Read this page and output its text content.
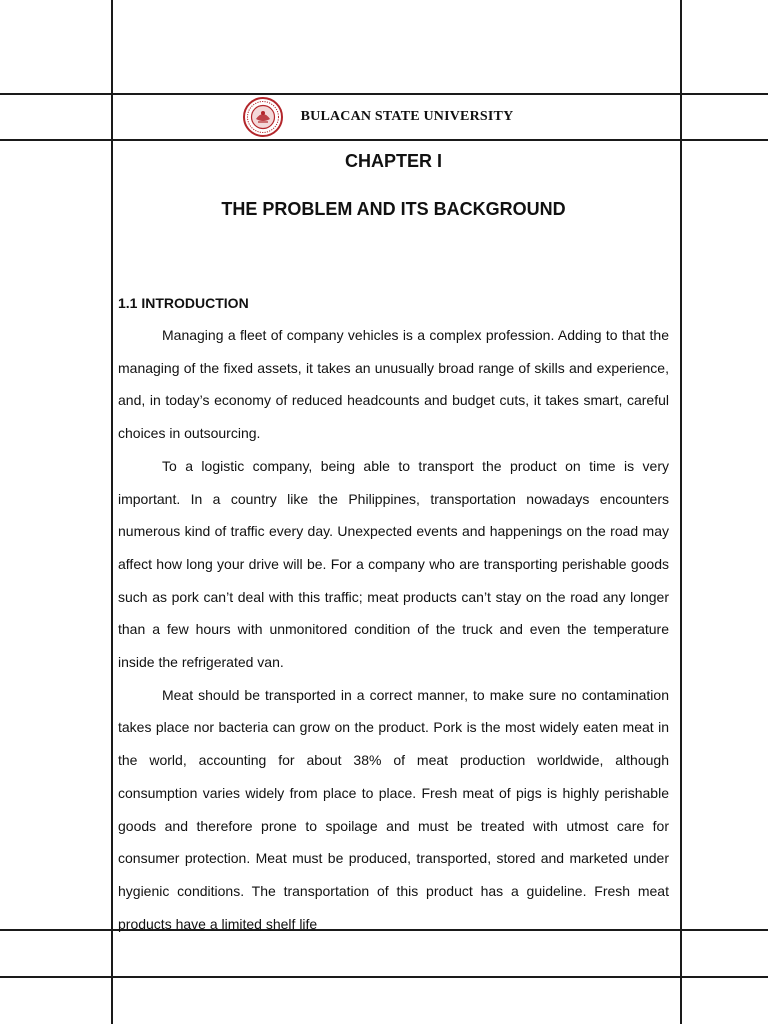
BULACAN STATE UNIVERSITY
CHAPTER I
THE PROBLEM AND ITS BACKGROUND
1.1 INTRODUCTION

Managing a fleet of company vehicles is a complex profession. Adding to that the managing of the fixed assets, it takes an unusually broad range of skills and experience, and, in today’s economy of reduced headcounts and budget cuts, it takes smart, careful choices in outsourcing.

To a logistic company, being able to transport the product on time is very important. In a country like the Philippines, transportation nowadays encounters numerous kind of traffic every day. Unexpected events and happenings on the road may affect how long your drive will be. For a company who are transporting perishable goods such as pork can’t deal with this traffic; meat products can’t stay on the road any longer than a few hours with unmonitored condition of the truck and even the temperature inside the refrigerated van.

Meat should be transported in a correct manner, to make sure no contamination takes place nor bacteria can grow on the product. Pork is the most widely eaten meat in the world, accounting for about 38% of meat production worldwide, although consumption varies widely from place to place. Fresh meat of pigs is highly perishable goods and therefore prone to spoilage and must be treated with utmost care for consumer protection. Meat must be produced, transported, stored and marketed under hygienic conditions. The transportation of this product has a guideline. Fresh meat products have a limited shelf life
